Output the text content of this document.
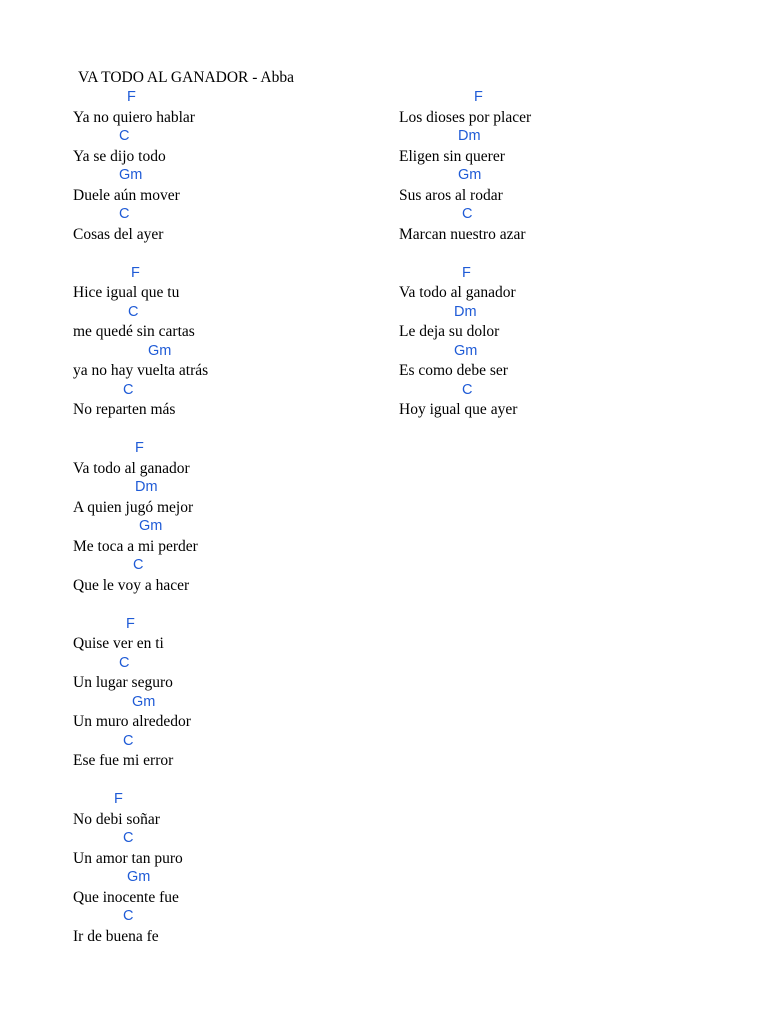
VA TODO AL GANADOR - Abba
F
Ya no quiero hablar
C
Ya se dijo todo
Gm
Duele aún mover
C
Cosas del ayer
F
Hice igual que tu
C
me quedé sin cartas
Gm
ya no hay vuelta atrás
C
No reparten más
F
Va todo al ganador
Dm
A quien jugó mejor
Gm
Me toca a mi perder
C
Que le voy a hacer
F
Quise ver en ti
C
Un lugar seguro
Gm
Un muro alrededor
C
Ese fue mi error
F
No debi soñar
C
Un amor tan puro
Gm
Que inocente fue
C
Ir de buena fe
F
Los dioses por placer
Dm
Eligen sin querer
Gm
Sus aros al rodar
C
Marcan nuestro azar
F
Va todo al ganador
Dm
Le deja su dolor
Gm
Es como debe ser
C
Hoy igual que ayer
